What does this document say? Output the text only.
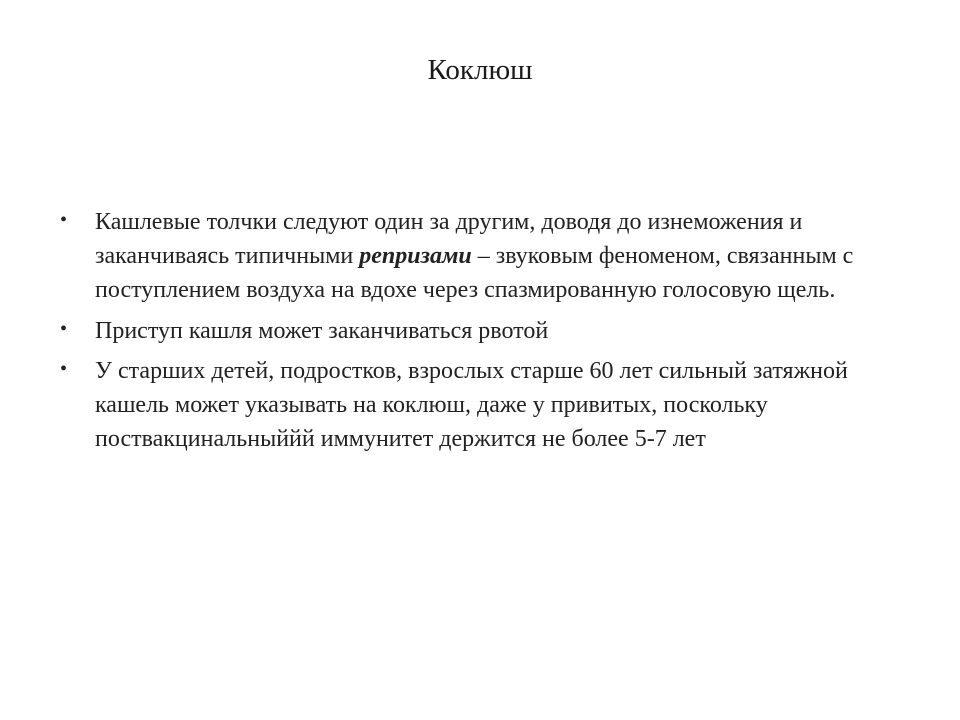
Коклюш
•	Кашлевые толчки следуют один за другим, доводя до изнеможения и заканчиваясь типичными репризами – звуковым феноменом, связанным с поступлением воздуха на вдохе через спазмированную голосовую щель.
•	Приступ кашля может заканчиваться рвотой
•	У старших детей, подростков, взрослых старше 60 лет сильный затяжной кашель может указывать на коклюш, даже у привитых, поскольку поствакцинальныййй иммунитет держится не более 5-7 лет
